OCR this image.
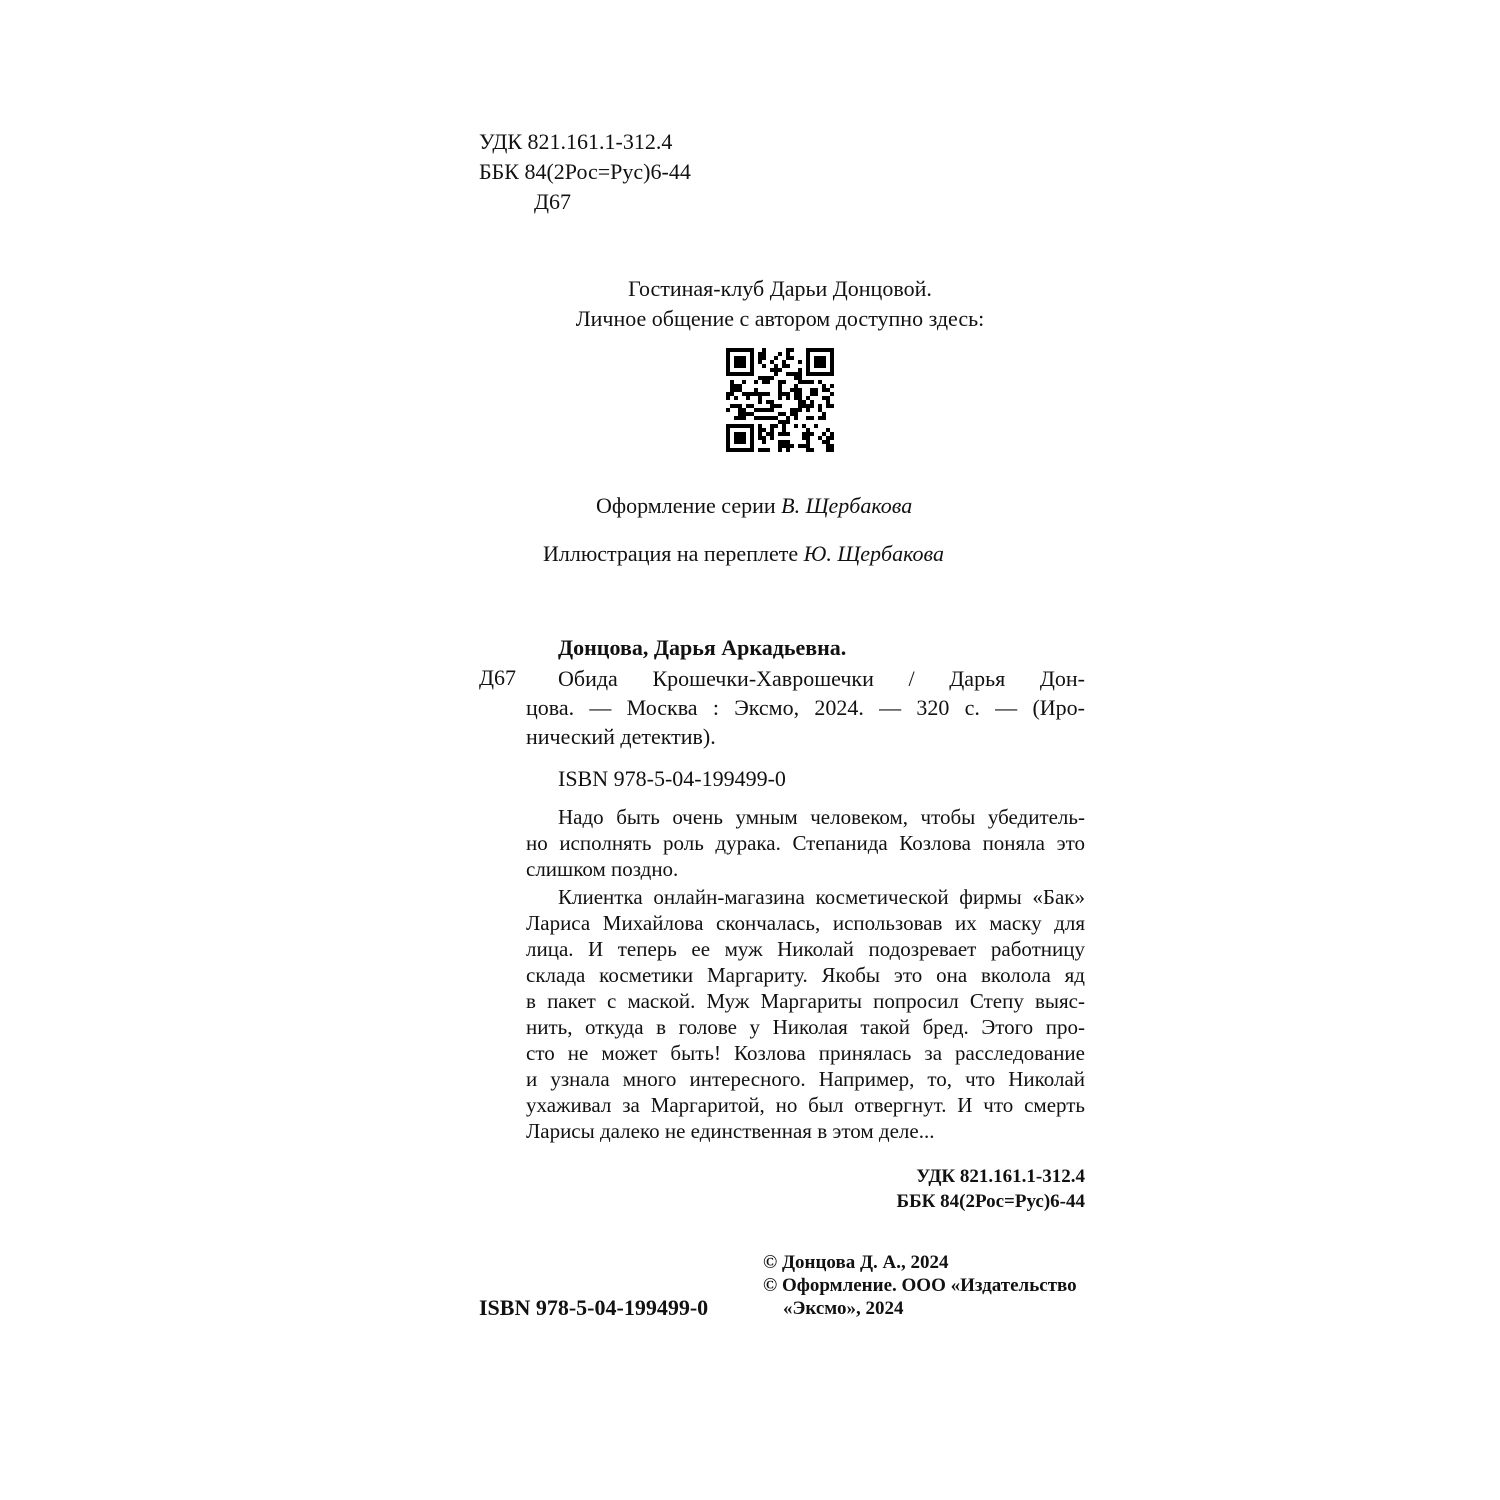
УДК 821.161.1-312.4
ББК 84(2Рос=Рус)6-44
Д67
Гостиная-клуб Дарьи Донцовой.
Личное общение с автором доступно здесь:
Оформление серии В. Щербакова
Иллюстрация на переплете Ю. Щербакова
Донцова, Дарья Аркадьевна.
Д67 Обида Крошечки-Хаврошечки / Дарья Дон-
цова. — Москва : Эксмо, 2024. — 320 с. — (Иро-
нический детектив).
ISBN 978-5-04-199499-0
Надо быть очень умным человеком, чтобы убедитель-
но исполнять роль дурака. Степанида Козлова поняла это
слишком поздно.
Клиентка онлайн-магазина косметической фирмы «Бак»
Лариса Михайлова скончалась, использовав их маску для
лица. И теперь ее муж Николай подозревает работницу
склада косметики Маргариту. Якобы это она вколола яд
в пакет с маской. Муж Маргариты попросил Степу выяс-
нить, откуда в голове у Николая такой бред. Этого про-
сто не может быть! Козлова принялась за расследование
и узнала много интересного. Например, то, что Николай
ухаживал за Маргаритой, но был отвергнут. И что смерть
Ларисы далеко не единственная в этом деле...
УДК 821.161.1-312.4
ББК 84(2Рос=Рус)6-44
© Донцова Д. А., 2024
© Оформление. ООО «Издательство
«Эксмо», 2024
ISBN 978-5-04-199499-0
